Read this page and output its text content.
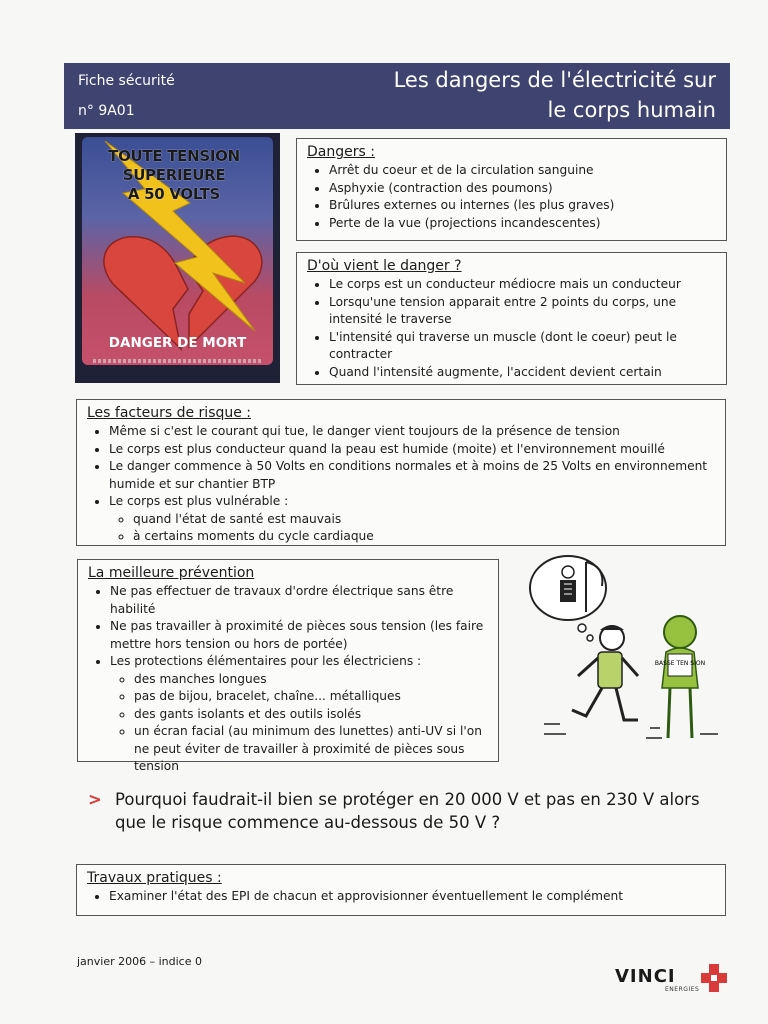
Fiche sécurité
n° 9A01
Les dangers de l'électricité sur
le corps humain
TOUTE TENSION
SUPERIEURE
A 50 VOLTS
DANGER DE MORT
Dangers :
• Arrêt du coeur et de la circulation sanguine
• Asphyxie (contraction des poumons)
• Brûlures externes ou internes (les plus graves)
• Perte de la vue (projections incandescentes)
D'où vient le danger ?
• Le corps est un conducteur médiocre mais un conducteur
• Lorsqu'une tension apparait entre 2 points du corps, une intensité le traverse
• L'intensité qui traverse un muscle (dont le coeur) peut le contracter
• Quand l'intensité augmente, l'accident devient certain
Les facteurs de risque :
• Même si c'est le courant qui tue, le danger vient toujours de la présence de tension
• Le corps est plus conducteur quand la peau est humide (moite) et l'environnement mouillé
• Le danger commence à 50 Volts en conditions normales et à moins de 25 Volts en environnement humide et sur chantier BTP
• Le corps est plus vulnérable :
◦ quand l'état de santé est mauvais
◦ à certains moments du cycle cardiaque
La meilleure prévention
• Ne pas effectuer de travaux d'ordre électrique sans être habilité
• Ne pas travailler à proximité de pièces sous tension (les faire mettre hors tension ou hors de portée)
• Les protections élémentaires pour les électriciens :
◦ des manches longues
◦ pas de bijou, bracelet, chaîne... métalliques
◦ des gants isolants et des outils isolés
◦ un écran facial (au minimum des lunettes) anti-UV si l'on ne peut éviter de travailler à proximité de pièces sous tension
BASSE TEN SION
> Pourquoi faudrait-il bien se protéger en 20 000 V et pas en 230 V alors que le risque commence au-dessous de 50 V ?
Travaux pratiques :
• Examiner l'état des EPI de chacun et approvisionner éventuellement le complément
janvier 2006 – indice 0
VINCI
ENERGIES
